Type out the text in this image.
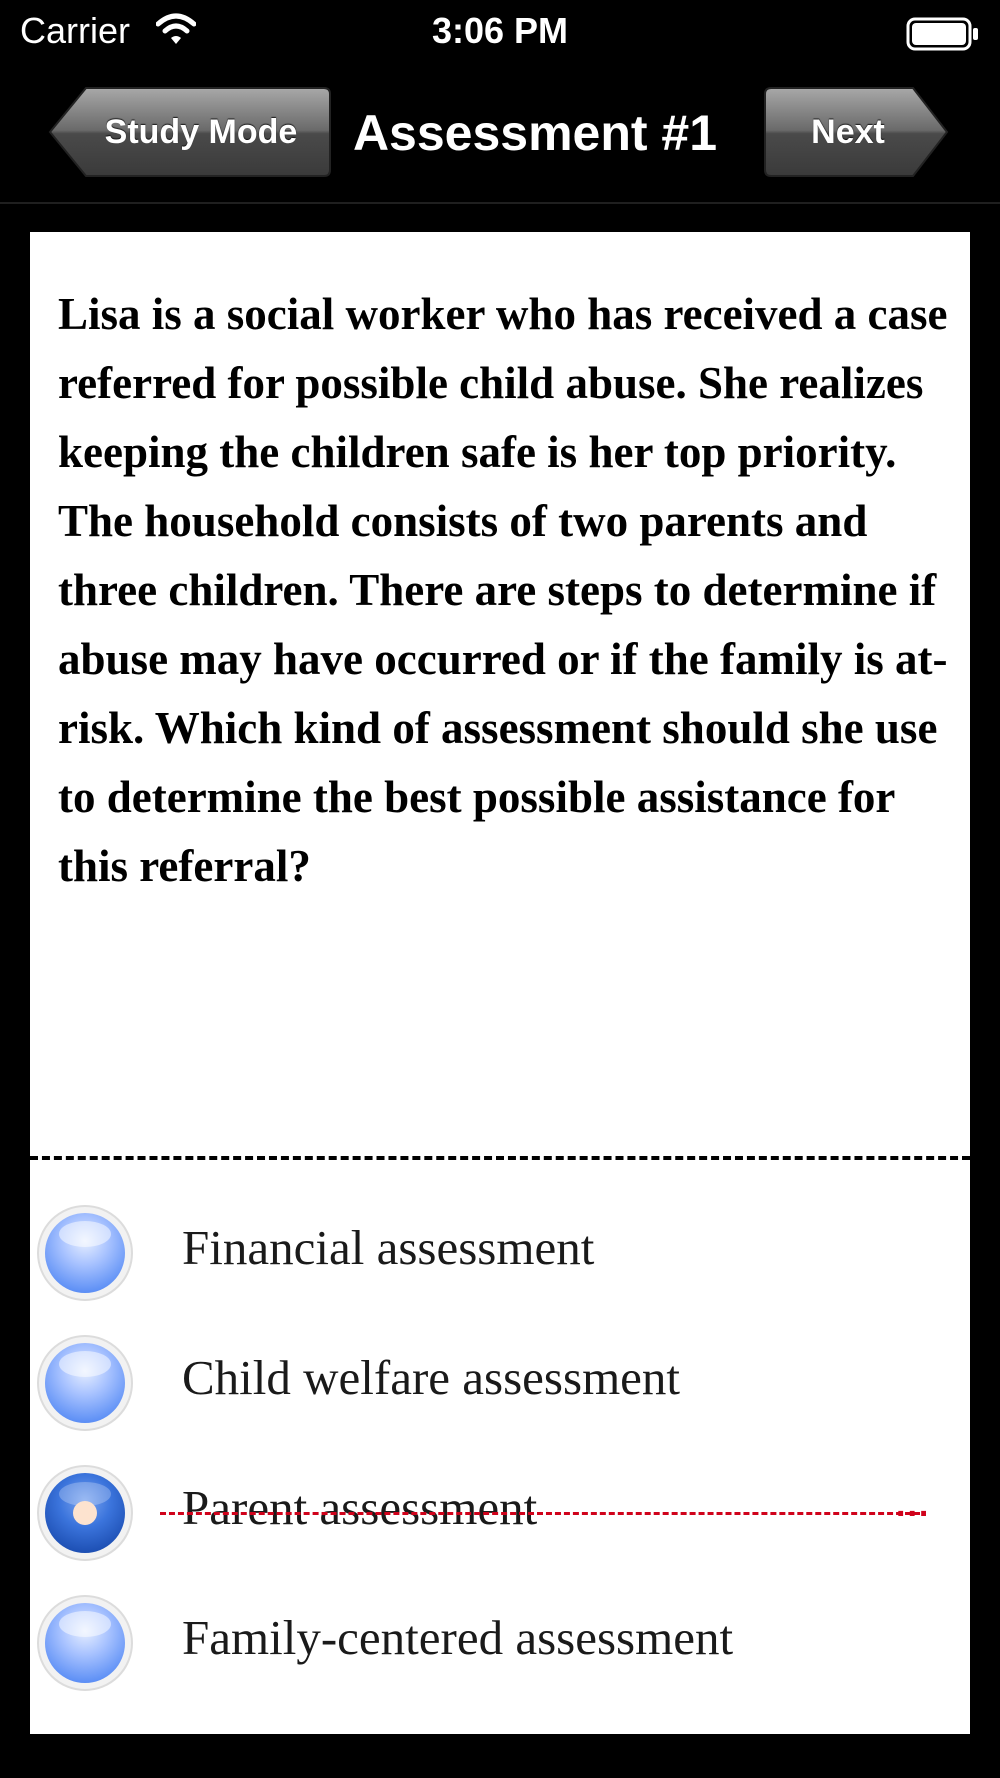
Carrier	3:06 PM
Study Mode	Assessment #1	Next
Lisa is a social worker who has received a case referred for possible child abuse. She realizes keeping the children safe is her top priority. The household consists of two parents and three children. There are steps to determine if abuse may have occurred or if the family is at-risk. Which kind of assessment should she use to determine the best possible assistance for this referral?
Financial assessment
Child welfare assessment
Parent assessment	...
Family-centered assessment
